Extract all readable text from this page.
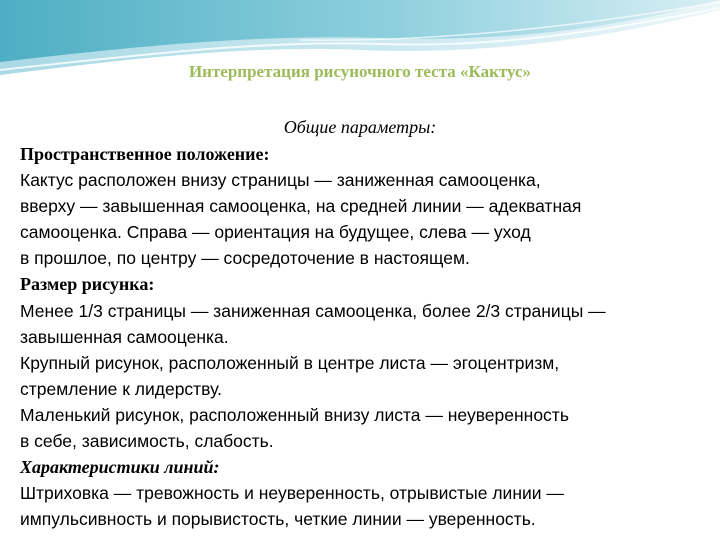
Интерпретация рисуночного теста «Кактус»

Общие параметры:

Пространственное положение:
Кактус расположен внизу страницы — заниженная самооценка,
вверху — завышенная самооценка, на средней линии — адекватная
самооценка. Справа — ориентация на будущее, слева — уход
в прошлое, по центру — сосредоточение в настоящем.
Размер рисунка:
Менее 1/3 страницы — заниженная самооценка, более 2/3 страницы —
завышенная самооценка.
Крупный рисунок, расположенный в центре листа — эгоцентризм,
стремление к лидерству.
Маленький рисунок, расположенный внизу листа — неуверенность
в себе, зависимость, слабость.
Характеристики линий:
Штриховка — тревожность и неуверенность, отрывистые линии —
импульсивность и порывистость, четкие линии — уверенность.
